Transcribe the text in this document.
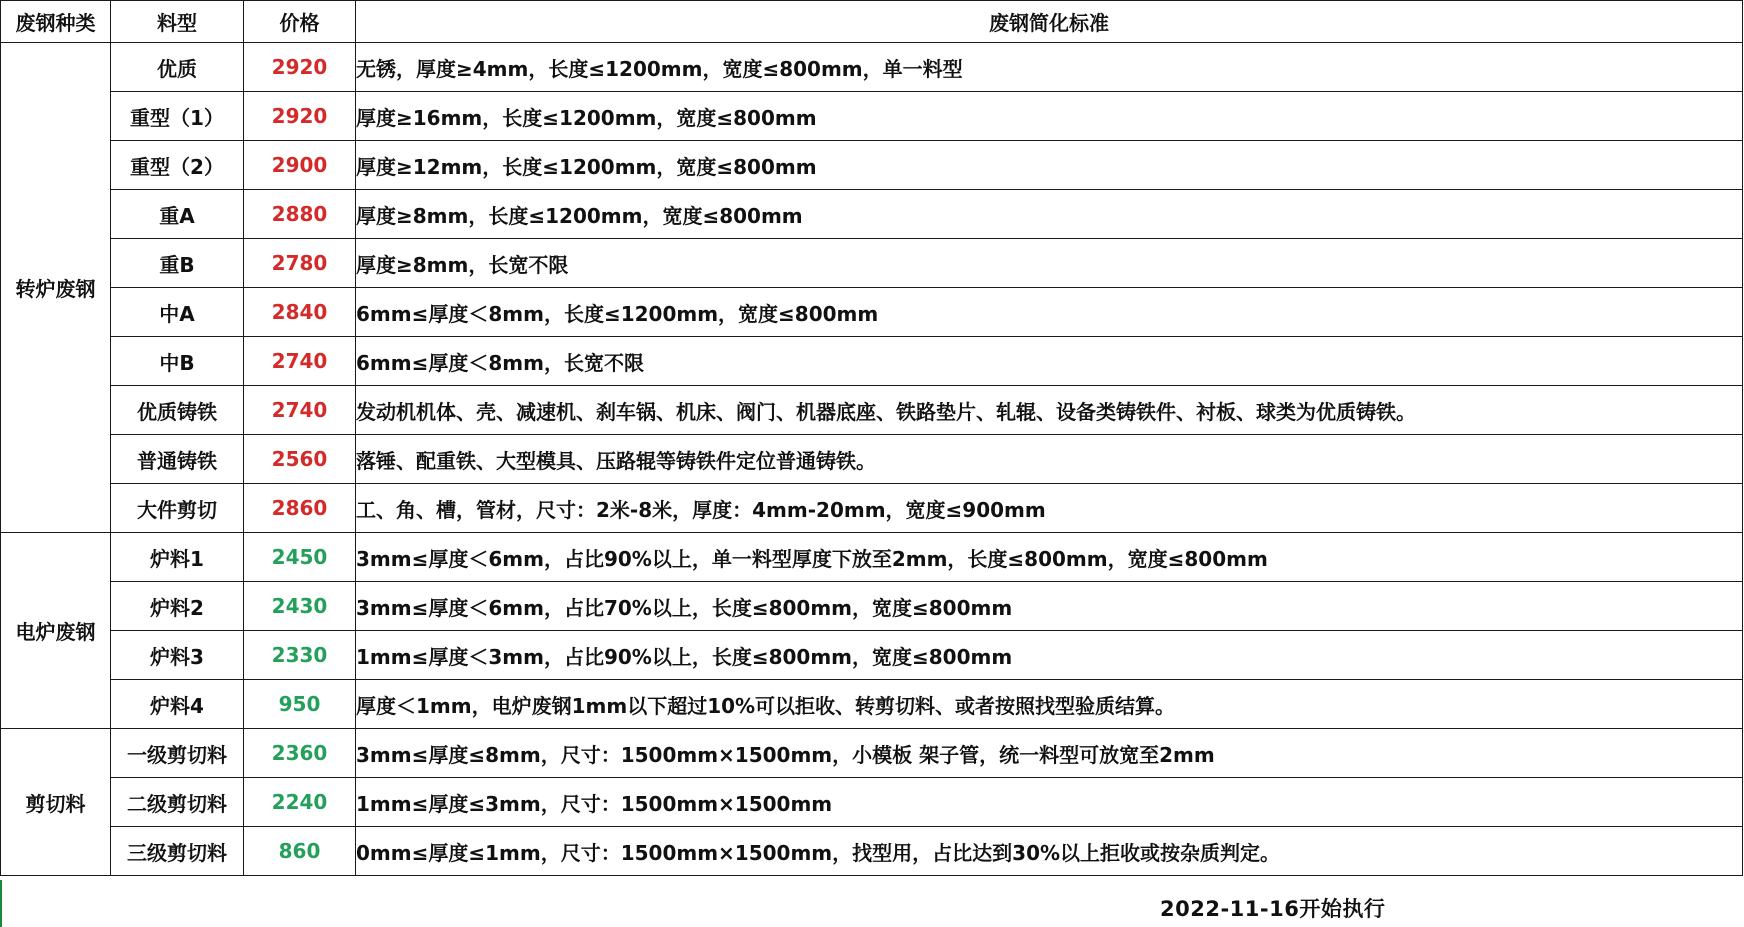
废钢种类	料型	价格	废钢简化标准
转炉废钢	优质	2920	无锈，厚度≥4mm，长度≤1200mm，宽度≤800mm，单一料型
	重型（1）	2920	厚度≥16mm，长度≤1200mm，宽度≤800mm
	重型（2）	2900	厚度≥12mm，长度≤1200mm，宽度≤800mm
	重A	2880	厚度≥8mm，长度≤1200mm，宽度≤800mm
	重B	2780	厚度≥8mm，长宽不限
	中A	2840	6mm≤厚度＜8mm，长度≤1200mm，宽度≤800mm
	中B	2740	6mm≤厚度＜8mm，长宽不限
	优质铸铁	2740	发动机机体、壳、减速机、刹车锅、机床、阀门、机器底座、铁路垫片、轧辊、设备类铸铁件、衬板、球类为优质铸铁。
	普通铸铁	2560	落锤、配重铁、大型模具、压路辊等铸铁件定位普通铸铁。
	大件剪切	2860	工、角、槽，管材，尺寸：2米-8米，厚度：4mm-20mm，宽度≤900mm
电炉废钢	炉料1	2450	3mm≤厚度＜6mm，占比90%以上，单一料型厚度下放至2mm，长度≤800mm，宽度≤800mm
	炉料2	2430	3mm≤厚度＜6mm，占比70%以上，长度≤800mm，宽度≤800mm
	炉料3	2330	1mm≤厚度＜3mm，占比90%以上，长度≤800mm，宽度≤800mm
	炉料4	950	厚度＜1mm，电炉废钢1mm以下超过10%可以拒收、转剪切料、或者按照找型验质结算。
剪切料	一级剪切料	2360	3mm≤厚度≤8mm，尺寸：1500mm×1500mm，小模板 架子管，统一料型可放宽至2mm
	二级剪切料	2240	1mm≤厚度≤3mm，尺寸：1500mm×1500mm
	三级剪切料	860	0mm≤厚度≤1mm，尺寸：1500mm×1500mm，找型用，占比达到30%以上拒收或按杂质判定。
2022-11-16开始执行
